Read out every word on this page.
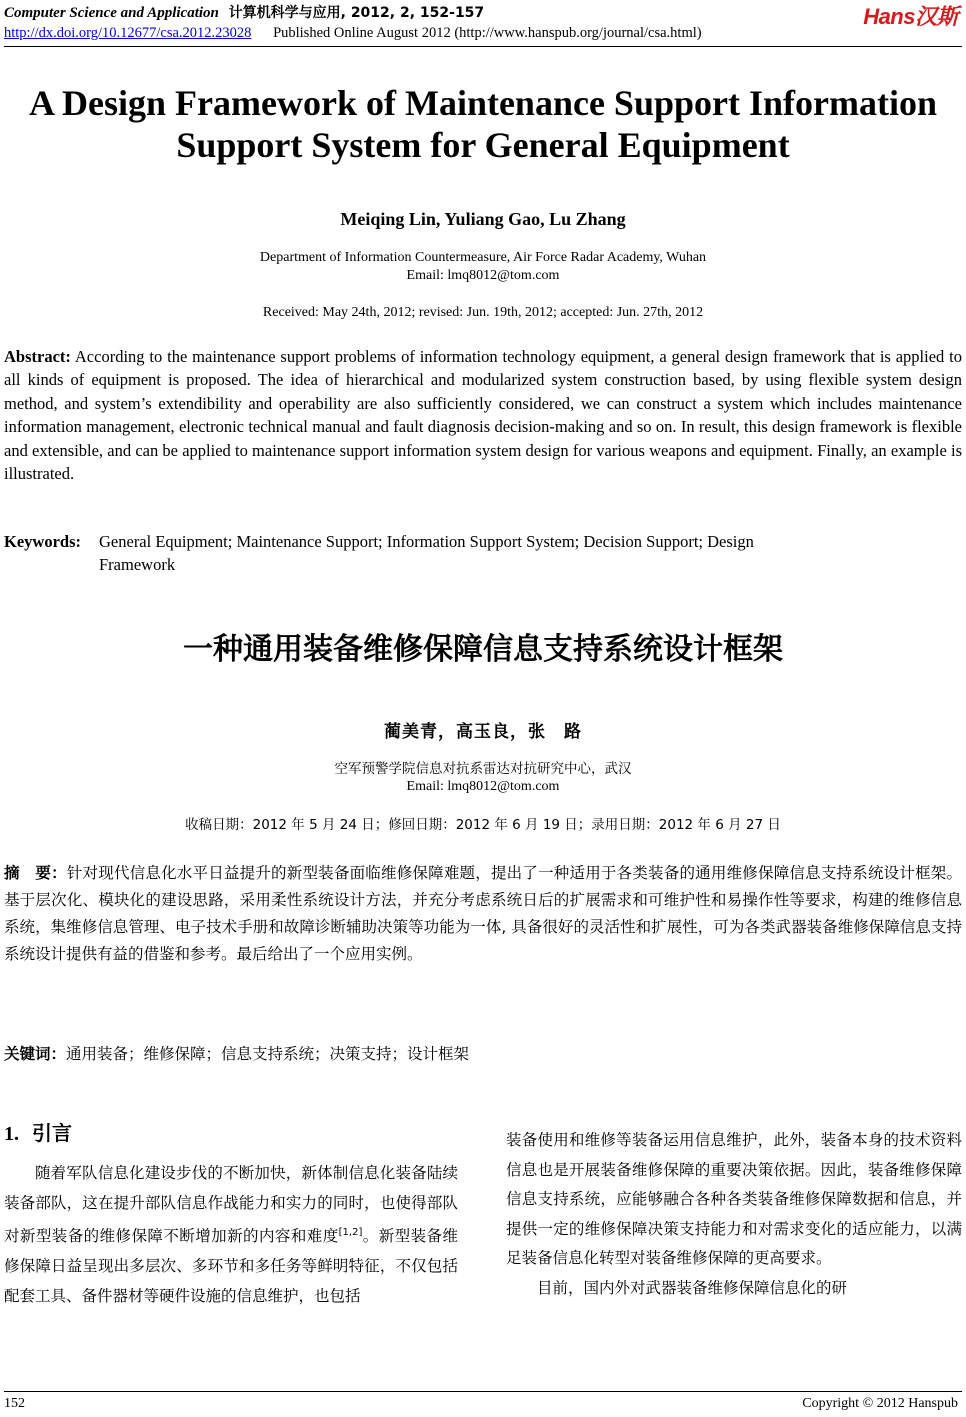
Computer Science and Application 计算机科学与应用, 2012, 2, 152-157
http://dx.doi.org/10.12677/csa.2012.23028 Published Online August 2012 (http://www.hanspub.org/journal/csa.html)
Hans汉斯
A Design Framework of Maintenance Support Information
Support System for General Equipment
Meiqing Lin, Yuliang Gao, Lu Zhang
Department of Information Countermeasure, Air Force Radar Academy, Wuhan
Email: lmq8012@tom.com
Received: May 24th, 2012; revised: Jun. 19th, 2012; accepted: Jun. 27th, 2012
Abstract: According to the maintenance support problems of information technology equipment, a general design framework that is applied to all kinds of equipment is proposed. The idea of hierarchical and modularized system construction based, by using flexible system design method, and system’s extendibility and operability are also sufficiently considered, we can construct a system which includes maintenance information management, electronic technical manual and fault diagnosis decision-making and so on. In result, this design framework is flexible and extensible, and can be applied to maintenance support information system design for various weapons and equipment. Finally, an example is illustrated.
Keywords: General Equipment; Maintenance Support; Information Support System; Decision Support; Design
Framework
一种通用装备维修保障信息支持系统设计框架
蔺美青，高玉良，张　路
空军预警学院信息对抗系雷达对抗研究中心，武汉
Email: lmq8012@tom.com
收稿日期：2012 年 5 月 24 日；修回日期：2012 年 6 月 19 日；录用日期：2012 年 6 月 27 日
摘　要：针对现代信息化水平日益提升的新型装备面临维修保障难题，提出了一种适用于各类装备的通用维修保障信息支持系统设计框架。基于层次化、模块化的建设思路，采用柔性系统设计方法，并充分考虑系统日后的扩展需求和可维护性和易操作性等要求，构建的维修信息系统，集维修信息管理、电子技术手册和故障诊断辅助决策等功能为一体, 具备很好的灵活性和扩展性，可为各类武器装备维修保障信息支持系统设计提供有益的借鉴和参考。最后给出了一个应用实例。
关键词：通用装备；维修保障；信息支持系统；决策支持；设计框架
1. 引言
随着军队信息化建设步伐的不断加快，新体制信息化装备陆续装备部队，这在提升部队信息作战能力和实力的同时，也使得部队对新型装备的维修保障不断增加新的内容和难度[1,2]。新型装备维修保障日益呈现出多层次、多环节和多任务等鲜明特征，不仅包括配套工具、备件器材等硬件设施的信息维护，也包括
装备使用和维修等装备运用信息维护，此外，装备本身的技术资料信息也是开展装备维修保障的重要决策依据。因此，装备维修保障信息支持系统，应能够融合各种各类装备维修保障数据和信息，并提供一定的维修保障决策支持能力和对需求变化的适应能力，以满足装备信息化转型对装备维修保障的更高要求。
目前，国内外对武器装备维修保障信息化的研
152	Copyright © 2012 Hanspub
